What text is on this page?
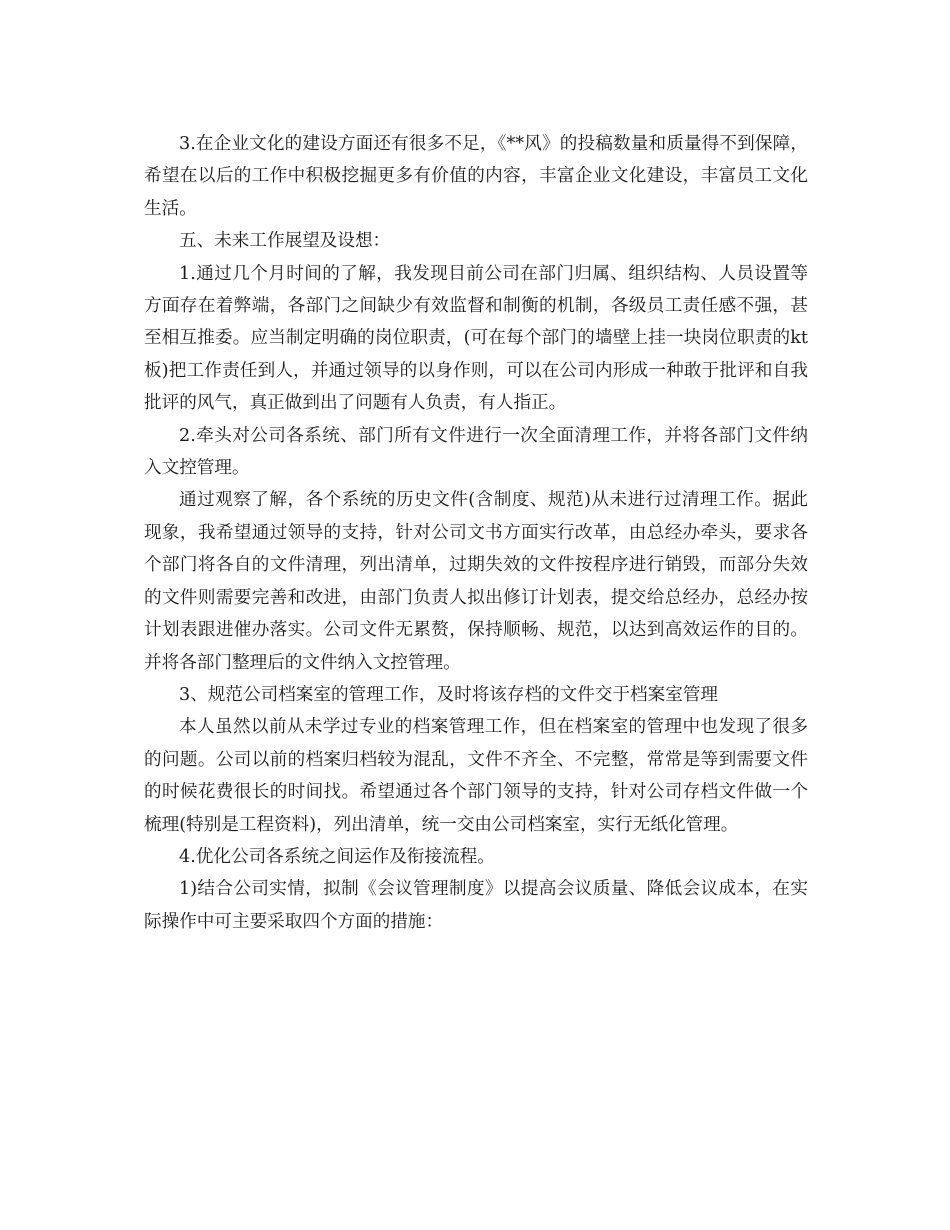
3.在企业文化的建设方面还有很多不足，《**风》的投稿数量和质量得不到保障，希望在以后的工作中积极挖掘更多有价值的内容，丰富企业文化建设，丰富员工文化生活。

五、未来工作展望及设想：

1.通过几个月时间的了解，我发现目前公司在部门归属、组织结构、人员设置等方面存在着弊端，各部门之间缺少有效监督和制衡的机制，各级员工责任感不强，甚至相互推委。应当制定明确的岗位职责，(可在每个部门的墙壁上挂一块岗位职责的kt板)把工作责任到人，并通过领导的以身作则，可以在公司内形成一种敢于批评和自我批评的风气，真正做到出了问题有人负责，有人指正。

2.牵头对公司各系统、部门所有文件进行一次全面清理工作，并将各部门文件纳入文控管理。

通过观察了解，各个系统的历史文件(含制度、规范)从未进行过清理工作。据此现象，我希望通过领导的支持，针对公司文书方面实行改革，由总经办牵头，要求各个部门将各自的文件清理，列出清单，过期失效的文件按程序进行销毁，而部分失效的文件则需要完善和改进，由部门负责人拟出修订计划表，提交给总经办，总经办按计划表跟进催办落实。公司文件无累赘，保持顺畅、规范，以达到高效运作的目的。并将各部门整理后的文件纳入文控管理。

3、规范公司档案室的管理工作，及时将该存档的文件交于档案室管理

本人虽然以前从未学过专业的档案管理工作，但在档案室的管理中也发现了很多的问题。公司以前的档案归档较为混乱，文件不齐全、不完整，常常是等到需要文件的时候花费很长的时间找。希望通过各个部门领导的支持，针对公司存档文件做一个梳理(特别是工程资料)，列出清单，统一交由公司档案室，实行无纸化管理。

4.优化公司各系统之间运作及衔接流程。

1)结合公司实情，拟制《会议管理制度》以提高会议质量、降低会议成本，在实际操作中可主要采取四个方面的措施：
